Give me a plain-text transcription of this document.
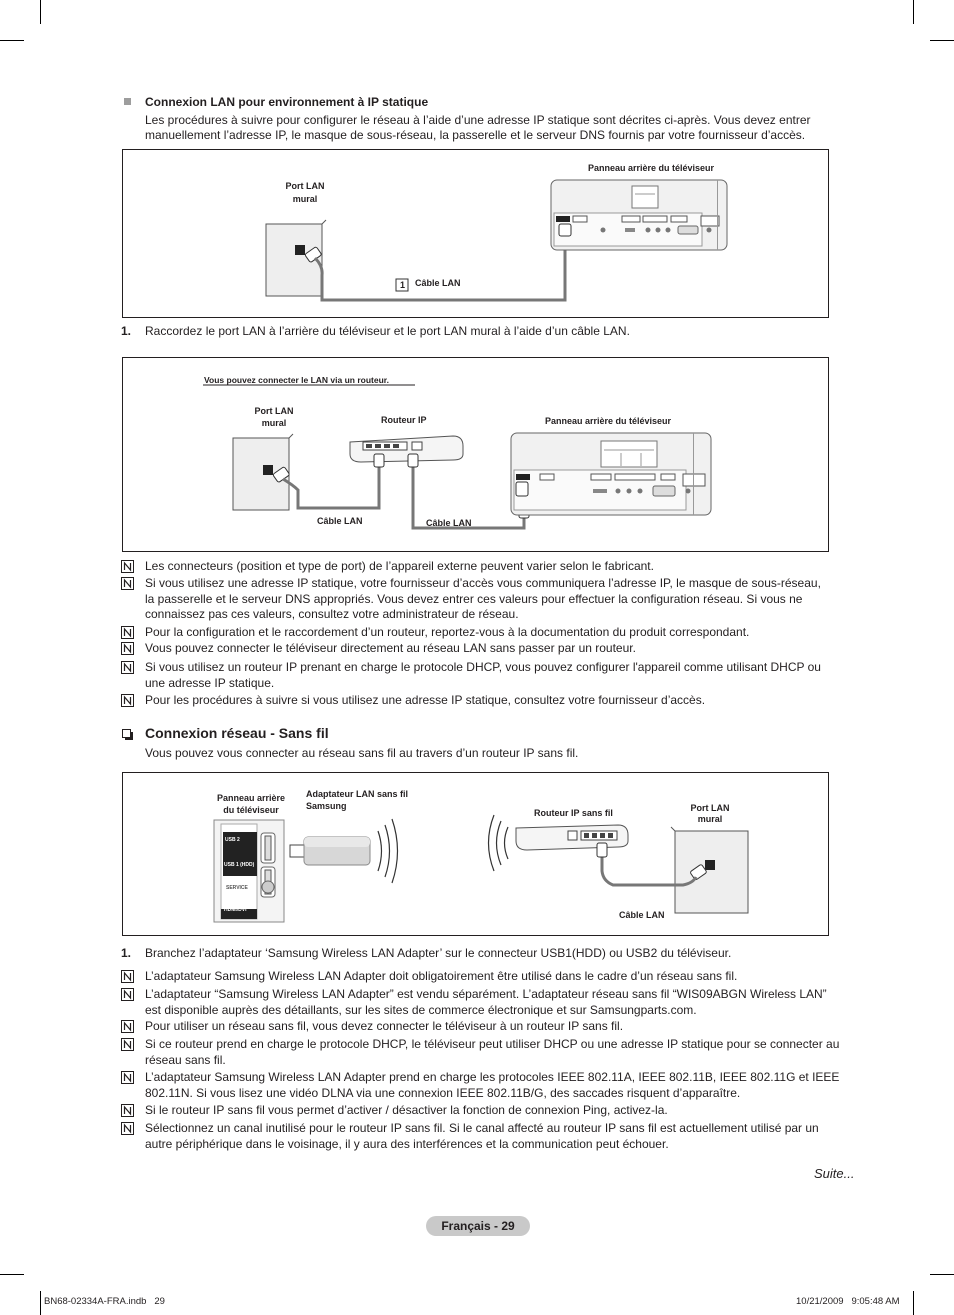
Connexion LAN pour environnement à IP statique
Les procédures à suivre pour configurer le réseau à l’aide d’une adresse IP statique sont décrites ci-après. Vous devez entrer
manuellement l’adresse IP, le masque de sous-réseau, la passerelle et le serveur DNS fournis par votre fournisseur d’accès.
Port LAN
mural
Panneau arrière du téléviseur
1 Câble LAN
1. Raccordez le port LAN à l’arrière du téléviseur et le port LAN mural à l’aide d’un câble LAN.
Vous pouvez connecter le LAN via un routeur.
Port LAN
mural	Routeur IP	Panneau arrière du téléviseur
Câble LAN	Câble LAN
Les connecteurs (position et type de port) de l’appareil externe peuvent varier selon le fabricant.
Si vous utilisez une adresse IP statique, votre fournisseur d’accès vous communiquera l’adresse IP, le masque de sous-réseau,
la passerelle et le serveur DNS appropriés. Vous devez entrer ces valeurs pour effectuer la configuration réseau. Si vous ne
connaissez pas ces valeurs, consultez votre administrateur de réseau.
Pour la configuration et le raccordement d’un routeur, reportez-vous à la documentation du produit correspondant.
Vous pouvez connecter le téléviseur directement au réseau LAN sans passer par un routeur.
Si vous utilisez un routeur IP prenant en charge le protocole DHCP, vous pouvez configurer l'appareil comme utilisant DHCP ou
une adresse IP statique.
Pour les procédures à suivre si vous utilisez une adresse IP statique, consultez votre fournisseur d’accès.
Connexion réseau - Sans fil
Vous pouvez vous connecter au réseau sans fil au travers d’un routeur IP sans fil.
Panneau arrière
du téléviseur
Adaptateur LAN sans fil
Samsung
Routeur IP sans fil	Port LAN
mural
Câble LAN
USB 2
USB 1 (HDD)
SERVICE
HDMI/DVI
1. Branchez l’adaptateur ‘Samsung Wireless LAN Adapter’ sur le connecteur USB1(HDD) ou USB2 du téléviseur.
L’adaptateur Samsung Wireless LAN Adapter doit obligatoirement être utilisé dans le cadre d’un réseau sans fil.
L’adaptateur “Samsung Wireless LAN Adapter” est vendu séparément. L’adaptateur réseau sans fil “WIS09ABGN Wireless LAN”
est disponible auprès des détaillants, sur les sites de commerce électronique et sur Samsungparts.com.
Pour utiliser un réseau sans fil, vous devez connecter le téléviseur à un routeur IP sans fil.
Si ce routeur prend en charge le protocole DHCP, le téléviseur peut utiliser DHCP ou une adresse IP statique pour se connecter au
réseau sans fil.
L’adaptateur Samsung Wireless LAN Adapter prend en charge les protocoles IEEE 802.11A, IEEE 802.11B, IEEE 802.11G et IEEE
802.11N. Si vous lisez une vidéo DLNA via une connexion IEEE 802.11B/G, des saccades risquent d’apparaître.
Si le routeur IP sans fil vous permet d’activer / désactiver la fonction de connexion Ping, activez-la.
Sélectionnez un canal inutilisé pour le routeur IP sans fil. Si le canal affecté au routeur IP sans fil est actuellement utilisé par un
autre périphérique dans le voisinage, il y aura des interférences et la communication peut échouer.
Suite...
Français - 29
BN68-02334A-FRA.indb   29	10/21/2009   9:05:48 AM
